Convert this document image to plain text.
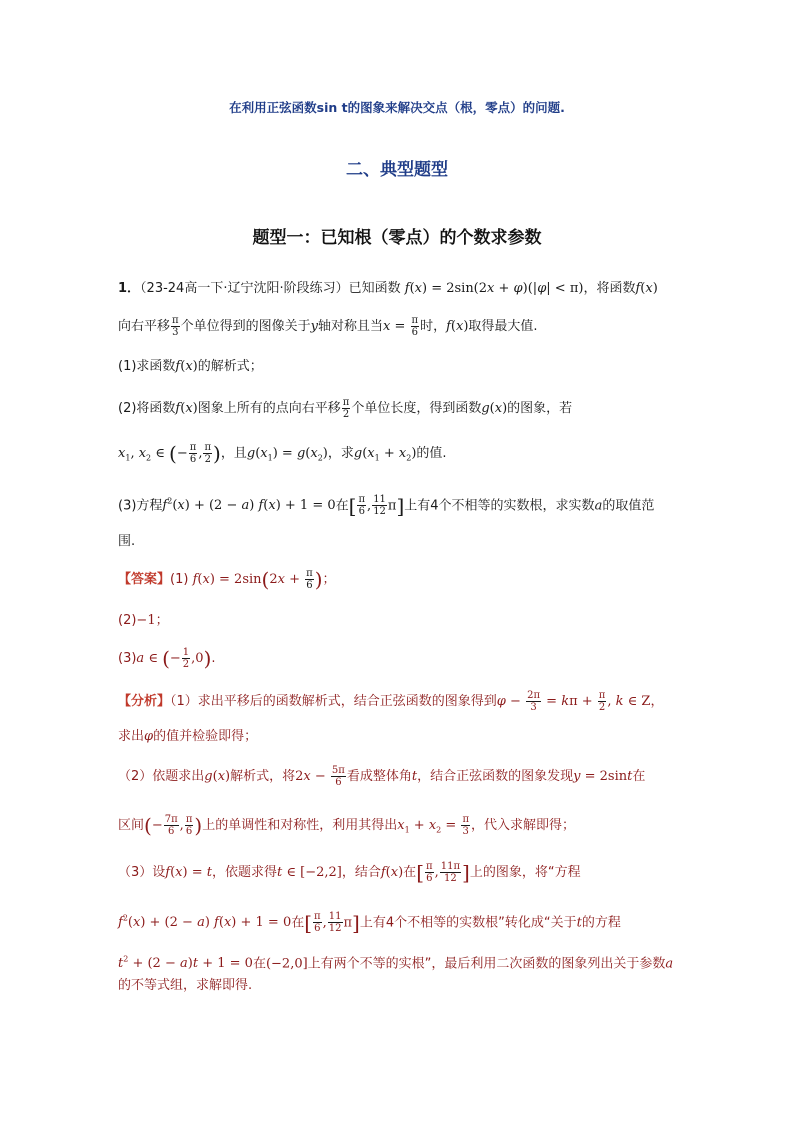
在利用正弦函数sin t的图象来解决交点（根，零点）的问题.
二、典型题型
题型一：已知根（零点）的个数求参数
1．（23-24高一下·辽宁沈阳·阶段练习）已知函数 f(x) = 2sin(2x + φ)(|φ| < π)，将函数f(x)
向右平移 $\frac{\pi}{3}$ 个单位得到的图像关于y轴对称且当$x = \frac{\pi}{6}$ 时，f(x)取得最大值.
(1)求函数f(x)的解析式；
(2)将函数f(x)图象上所有的点向右平移 $\frac{\pi}{2}$ 个单位长度，得到函数g(x)的图象，若
$x_1$, $x_2$ ∈ (− $\frac{\pi}{6}$ , $\frac{\pi}{2}$ )，且$g(x_1) = g(x_2)$，求$g(x_1 + x_2)$的值.
(3)方程$f^2(x) + (2 - a) f(x) + 1 = 0$在[ $\frac{\pi}{6}$ , $\frac{11}{12} \pi$]上有4个不相等的实数根，求实数a的取值范
围.
【答案】(1) $f(x) = 2\sin(2x + \frac{\pi}{6}$ )；
(2)−1；
(3)a ∈ (− $\frac{1}{2} ,0$).
【分析】（1）求出平移后的函数解析式，结合正弦函数的图象得到$\varphi - \frac{2\pi}{3} = k\pi + \frac{\pi}{2}$ , k ∈ Z，
求出φ的值并检验即得；
（2）依题求出g(x)解析式，将$2x - \frac{5\pi}{6}$ 看成整体角t，结合正弦函数的图象发现y = 2sint在
区间(− $\frac{7\pi}{6}$ , $\frac{\pi}{6}$ )上的单调性和对称性，利用其得出$x_1 + x_2 = \frac{\pi}{3}$ ，代入求解即得；
（3）设f(x) = t，依题求得t ∈ [−2,2]，结合f(x)在[ $\frac{\pi}{6}$ , $\frac{11\pi}{12}$ ]上的图象，将“方程
$f^2(x) + (2 - a) f(x) + 1 = 0$在[ $\frac{\pi}{6}$ , $\frac{11}{12} \pi$]上有4个不相等的实数根”转化成“关于t的方程
$t^2 + (2 - a)t + 1 = 0$在(−2,0]上有两个不等的实根”，最后利用二次函数的图象列出关于参数a
的不等式组，求解即得.
